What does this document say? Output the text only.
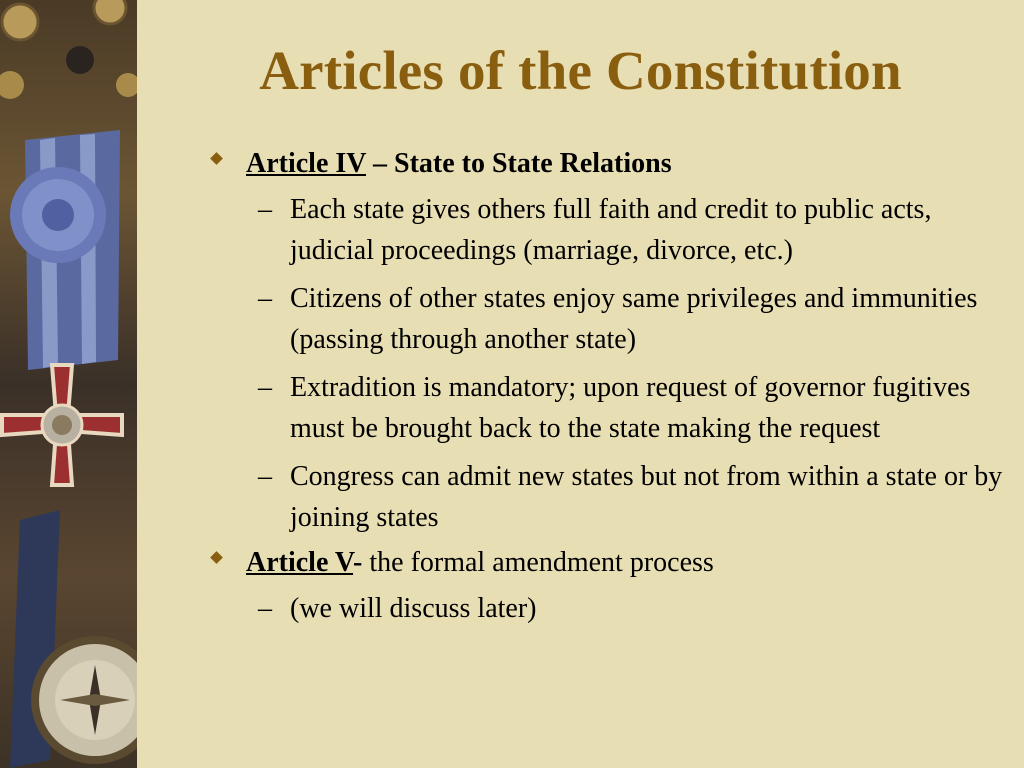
Articles of the Constitution
Article IV – State to State Relations
– Each state gives others full faith and credit to public acts, judicial proceedings (marriage, divorce, etc.)
– Citizens of other states enjoy same privileges and immunities (passing through another state)
– Extradition is mandatory; upon request of governor fugitives must be brought back to the state making the request
– Congress can admit new states but not from within a state or by joining states
Article V- the formal amendment process
– (we will discuss later)
